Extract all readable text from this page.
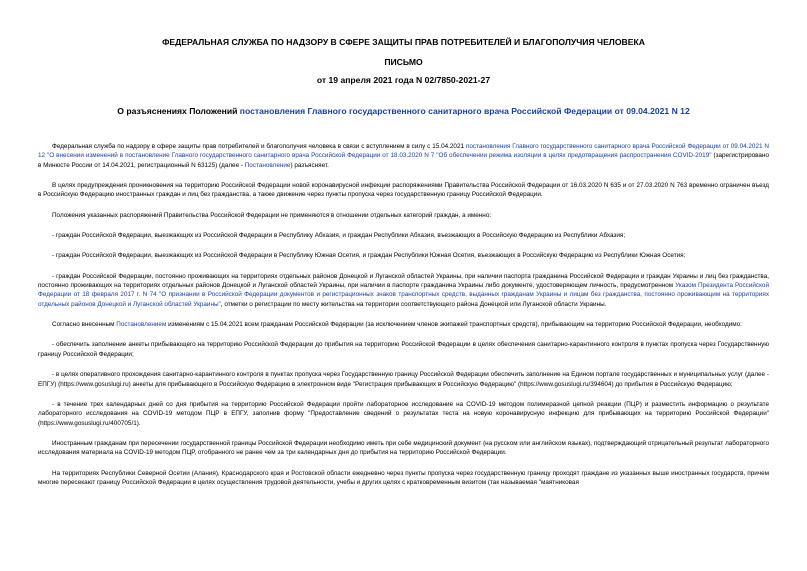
ФЕДЕРАЛЬНАЯ СЛУЖБА ПО НАДЗОРУ В СФЕРЕ ЗАЩИТЫ ПРАВ ПОТРЕБИТЕЛЕЙ И БЛАГОПОЛУЧИЯ ЧЕЛОВЕКА
ПИСЬМО
от 19 апреля 2021 года N 02/7850-2021-27
О разъяснениях Положений постановления Главного государственного санитарного врача Российской Федерации от 09.04.2021 N 12

Федеральная служба по надзору в сфере защиты прав потребителей и благополучия человека в связи с вступлением в силу с 15.04.2021 постановления Главного государственного санитарного врача Российской Федерации от 09.04.2021 N 12 "О внесении изменений в постановление Главного государственного санитарного врача Российской Федерации от 18.03.2020 N 7 "Об обеспечении режима изоляции в целях предотвращения распространения COVID-2019" (зарегистрировано в Минюсте России от 14.04.2021, регистрационный N 63125) (далее - Постановление) разъясняет.

В целях предупреждения проникновения на территорию Российской Федерации новой коронавирусной инфекции распоряжениями Правительства Российской Федерации от 16.03.2020 N 635 и от 27.03.2020 N 763 временно ограничен въезд в Российскую Федерацию иностранных граждан и лиц без гражданства, а также движение через пункты пропуска через государственную границу Российской Федерации.

Положения указанных распоряжений Правительства Российской Федерации не применяются в отношении отдельных категорий граждан, а именно:

- граждан Российской Федерации, выезжающих из Российской Федерации в Республику Абхазия, и граждан Республики Абхазия, въезжающих в Российскую Федерацию из Республики Абхазия;

- граждан Российской Федерации, выезжающих из Российской Федерации в Республику Южная Осетия, и граждан Республики Южная Осетия, въезжающих в Российскую Федерацию из Республики Южная Осетия;

- граждан Российской Федерации, постоянно проживающих на территориях отдельных районов Донецкой и Луганской областей Украины, при наличии паспорта гражданина Российской Федерации и граждан Украины и лиц без гражданства, постоянно проживающих на территориях отдельных районов Донецкой и Луганской областей Украины, при наличии в паспорте гражданина Украины либо документе, удостоверяющем личность, предусмотренном Указом Президента Российской Федерации от 18 февраля 2017 г. N 74 "О признании в Российской Федерации документов и регистрационных знаков транспортных средств, выданных гражданам Украины и лицам без гражданства, постоянно проживающим на территориях отдельных районов Донецкой и Луганской областей Украины", отметки о регистрации по месту жительства на территории соответствующего района Донецкой или Луганской области Украины.

Согласно внесенным Постановлением изменениям с 15.04.2021 всем гражданам Российской Федерации (за исключением членов экипажей транспортных средств), прибывающим на территорию Российской Федерации, необходимо:

- обеспечить заполнение анкеты прибывающего на территорию Российской Федерации до прибытия на территорию Российской Федерации в целях обеспечения санитарно-карантинного контроля в пунктах пропуска через Государственную границу Российской Федерации;

- в целях оперативного прохождения санитарно-карантинного контроля в пунктах пропуска через Государственную границу Российской Федерации обеспечить заполнение на Едином портале государственных и муниципальных услуг (далее - ЕПГУ) (https://www.gosuslugi.ru) анкеты для прибывающего в Российскую Федерацию в электронном виде "Регистрация прибывающих в Российскую Федерацию" (https://www.gosuslugi.ru/394604) до прибытия в Российскую Федерацию;

- в течение трех календарных дней со дня прибытия на территорию Российской Федерации пройти лабораторное исследование на COVID-19 методом полимеразной цепной реакции (ПЦР) и разместить информацию о результате лабораторного исследования на COVID-19 методом ПЦР в ЕПГУ, заполнив форму "Предоставление сведений о результатах теста на новую коронавирусную инфекцию для прибывающих на территорию Российской Федерации" (https://www.gosuslugi.ru/400705/1).

Иностранным гражданам при пересечении государственной границы Российской Федерации необходимо иметь при себе медицинский документ (на русском или английском языках), подтверждающий отрицательный результат лабораторного исследования материала на COVID-19 методом ПЦР, отобранного не ранее чем за три календарных дня до прибытия на территорию Российской Федерации.

На территориях Республики Северной Осетии (Алания), Краснодарского края и Ростовской области ежедневно через пункты пропуска через государственную границу проходят граждане из указанных выше иностранных государств, причем многие пересекают границу Российской Федерации в целях осуществления трудовой деятельности, учебы и других целях с кратковременным визитом (так называемая "маятниковая
